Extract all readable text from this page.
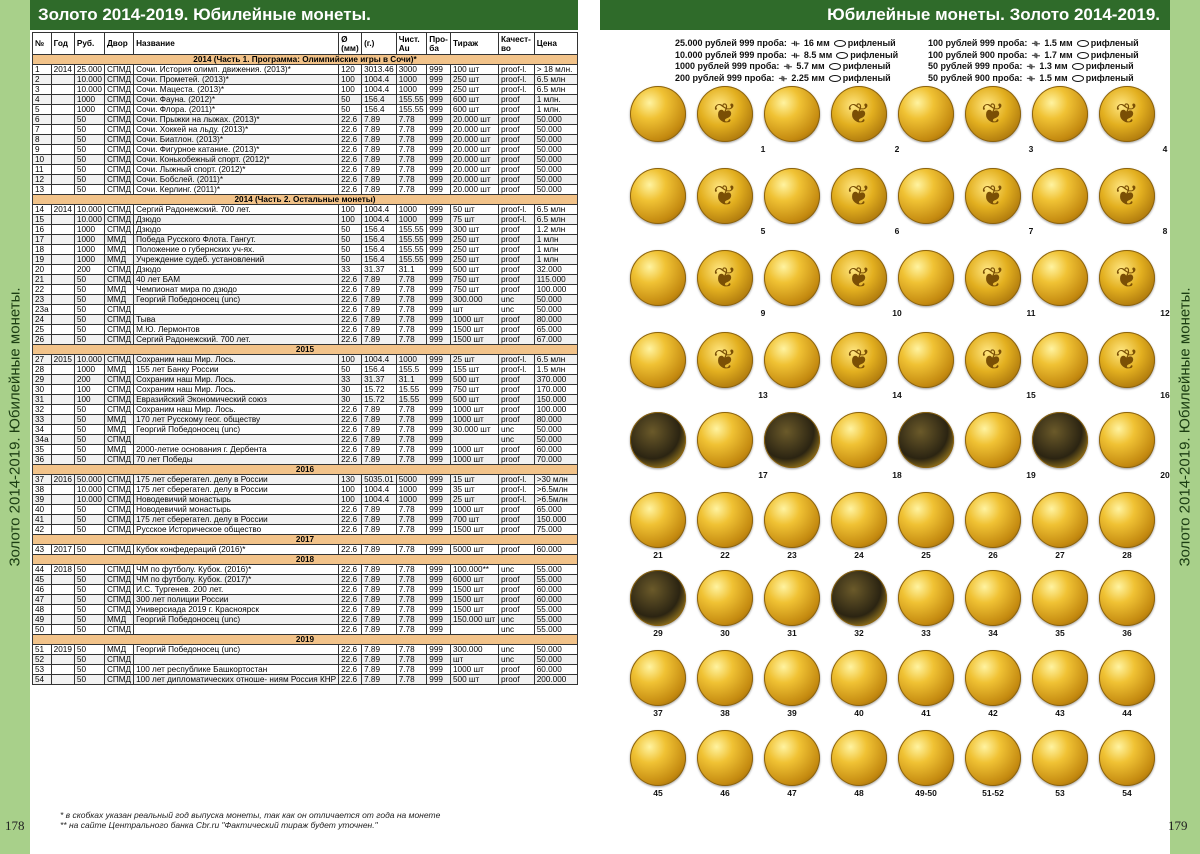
Золото 2014-2019. Юбилейные монеты.	Золото 2014-2019. Юбилейные монеты.
Золото 2014-2019. Юбилейные монеты.	Юбилейные монеты. Золото 2014-2019.
№	Год	Руб.	Двор	Название	Ø (мм)	(г.)	Чист. Au	Про- ба	Тираж	Качест- во	Цена
2014 (Часть 1. Программа: Олимпийские игры в Сочи)*											
1	2014	25.000	СПМД	Сочи. История олимп. движения. (2013)*	120	3013.46	3000	999	100 шт	proof-l.	> 18 млн.
2		10.000	СПМД	Сочи. Прометей. (2013)*	100	1004.4	1000	999	250 шт	proof-l.	6.5 млн
3		10.000	СПМД	Сочи. Мацеста. (2013)*	100	1004.4	1000	999	250 шт	proof-l.	6.5 млн
4		1000	СПМД	Сочи. Фауна. (2012)*	50	156.4	155.55	999	600 шт	proof	1 млн.
5		1000	СПМД	Сочи. Флора. (2011)*	50	156.4	155.55	999	600 шт	proof	1 млн.
6		50	СПМД	Сочи. Прыжки на лыжах. (2013)*	22.6	7.89	7.78	999	20.000 шт	proof	50.000
7		50	СПМД	Сочи. Хоккей на льду. (2013)*	22.6	7.89	7.78	999	20.000 шт	proof	50.000
8		50	СПМД	Сочи. Биатлон. (2013)*	22.6	7.89	7.78	999	20.000 шт	proof	50.000
9		50	СПМД	Сочи. Фигурное катание. (2013)*	22.6	7.89	7.78	999	20.000 шт	proof	50.000
10		50	СПМД	Сочи. Конькобежный спорт. (2012)*	22.6	7.89	7.78	999	20.000 шт	proof	50.000
11		50	СПМД	Сочи. Лыжный спорт. (2012)*	22.6	7.89	7.78	999	20.000 шт	proof	50.000
12		50	СПМД	Сочи. Бобслей. (2011)*	22.6	7.89	7.78	999	20.000 шт	proof	50.000
13		50	СПМД	Сочи. Керлинг. (2011)*	22.6	7.89	7.78	999	20.000 шт	proof	50.000
2014 (Часть 2. Остальные монеты)											
14	2014	10.000	СПМД	Сергий Радонежский. 700 лет.	100	1004.4	1000	999	50 шт	proof-l.	6.5 млн
15		10.000	СПМД	Дзюдо	100	1004.4	1000	999	75 шт	proof-l.	6.5 млн
16		1000	СПМД	Дзюдо	50	156.4	155.55	999	300 шт	proof	1.2 млн
17		1000	ММД	Победа Русского Флота. Гангут.	50	156.4	155.55	999	250 шт	proof	1 млн
18		1000	ММД	Положение о губернских уч-ях.	50	156.4	155.55	999	250 шт	proof	1 млн
19		1000	ММД	Учреждение судеб. установлений	50	156.4	155.55	999	250 шт	proof	1 млн
20		200	СПМД	Дзюдо	33	31.37	31.1	999	500 шт	proof	32.000
21		50	СПМД	40 лет БАМ	22.6	7.89	7.78	999	750 шт	proof	115.000
22		50	ММД	Чемпионат мира по дзюдо	22.6	7.89	7.78	999	750 шт	proof	100.000
23		50	ММД	Георгий Победоносец (unc)	22.6	7.89	7.78	999	300.000	unc	50.000
23a		50	СПМД		22.6	7.89	7.78	999	шт	unc	50.000
24		50	СПМД	Тыва	22.6	7.89	7.78	999	1000 шт	proof	80.000
25		50	СПМД	М.Ю. Лермонтов	22.6	7.89	7.78	999	1500 шт	proof	65.000
26		50	СПМД	Сергий Радонежский. 700 лет.	22.6	7.89	7.78	999	1500 шт	proof	67.000
2015											
27	2015	10.000	СПМД	Сохраним наш Мир. Лось.	100	1004.4	1000	999	25 шт	proof-l.	6.5 млн
28		1000	ММД	155 лет Банку России	50	156.4	155.5	999	155 шт	proof-l.	1.5 млн
29		200	СПМД	Сохраним наш Мир. Лось.	33	31.37	31.1	999	500 шт	proof	370.000
30		100	СПМД	Сохраним наш Мир. Лось.	30	15.72	15.55	999	750 шт	proof	170.000
31		100	СПМД	Евразийский Экономический союз	30	15.72	15.55	999	500 шт	proof	150.000
32		50	СПМД	Сохраним наш Мир. Лось.	22.6	7.89	7.78	999	1000 шт	proof	100.000
33		50	ММД	170 лет Русскому геог. обществу	22.6	7.89	7.78	999	1000 шт	proof	80.000
34		50	ММД	Георгий Победоносец (unc)	22.6	7.89	7.78	999	30.000 шт	unc	50.000
34a		50	СПМД		22.6	7.89	7.78	999		unc	50.000
35		50	ММД	2000-летие основания г. Дербента	22.6	7.89	7.78	999	1000 шт	proof	60.000
36		50	СПМД	70 лет Победы	22.6	7.89	7.78	999	1000 шт	proof	70.000
2016											
37	2016	50.000	СПМД	175 лет сберегател. делу в России	130	5035.01	5000	999	15 шт	proof-l.	>30 млн
38		10.000	СПМД	175 лет сберегател. делу в России	100	1004.4	1000	999	35 шт	proof-l.	>6.5млн
39		10.000	СПМД	Новодевичий монастырь	100	1004.4	1000	999	25 шт	proof-l.	>6.5млн
40		50	СПМД	Новодевичий монастырь	22.6	7.89	7.78	999	1000 шт	proof	65.000
41		50	СПМД	175 лет сберегател. делу в России	22.6	7.89	7.78	999	700 шт	proof	150.000
42		50	СПМД	Русское Историческое общество	22.6	7.89	7.78	999	1500 шт	proof	75.000
2017											
43	2017	50	СПМД	Кубок конфедераций (2016)*	22.6	7.89	7.78	999	5000 шт	proof	60.000
2018											
44	2018	50	СПМД	ЧМ по футболу. Кубок. (2016)*	22.6	7.89	7.78	999	100.000**	unc	55.000
45		50	СПМД	ЧМ по футболу. Кубок. (2017)*	22.6	7.89	7.78	999	6000 шт	proof	55.000
46		50	СПМД	И.С. Тургенев. 200 лет.	22.6	7.89	7.78	999	1500 шт	proof	60.000
47		50	СПМД	300 лет полиции России	22.6	7.89	7.78	999	1500 шт	proof	60.000
48		50	СПМД	Универсиада 2019 г. Красноярск	22.6	7.89	7.78	999	1500 шт	proof	55.000
49		50	ММД	Георгий Победоносец (unc)	22.6	7.89	7.78	999	150.000 шт	unc	55.000
50		50	СПМД		22.6	7.89	7.78	999		unc	55.000
2019											
51	2019	50	ММД	Георгий Победоносец (unc)	22.6	7.89	7.78	999	300.000	unc	50.000
52		50	СПМД		22.6	7.89	7.78	999	шт	unc	50.000
53		50	СПМД	100 лет республике Башкортостан	22.6	7.89	7.78	999	1000 шт	proof	60.000
54		50	СПМД	100 лет дипломатических отноше- ниям Россия КНР	22.6	7.89	7.78	999	500 шт	proof	200.000
* в скобках указан реальный год выпуска монеты, так как он отличается от года на монете
** на сайте Центрального банка Cbr.ru "Фактический тираж будет уточнен."
178	179
25.000 рублей 999 проба: ⟛ 16 мм рифленый
10.000 рублей 999 проба: ⟛ 8.5 мм рифленый
1000 рублей 999 проба: ⟛ 5.7 мм рифленый
200 рублей 999 проба: ⟛ 2.25 мм рифленый
100 рублей 999 проба: ⟛ 1.5 мм рифленый
100 рублей 900 проба: ⟛ 1.7 мм рифленый
50 рублей 999 проба: ⟛ 1.3 мм рифленый
50 рублей 900 проба: ⟛ 1.5 мм рифленый
❦
❦
❦
❦
1	2	3	4
❦
❦
❦
❦
5	6	7	8
❦
❦
❦
❦
9	10	11	12
❦
❦
❦
❦
13	14	15	16
17	18	19	20
21	22	23	24	25	26	27	28
29	30	31	32	33	34	35	36
37	38	39	40	41	42	43	44
45	46	47	48	49-50	51-52	53	54
